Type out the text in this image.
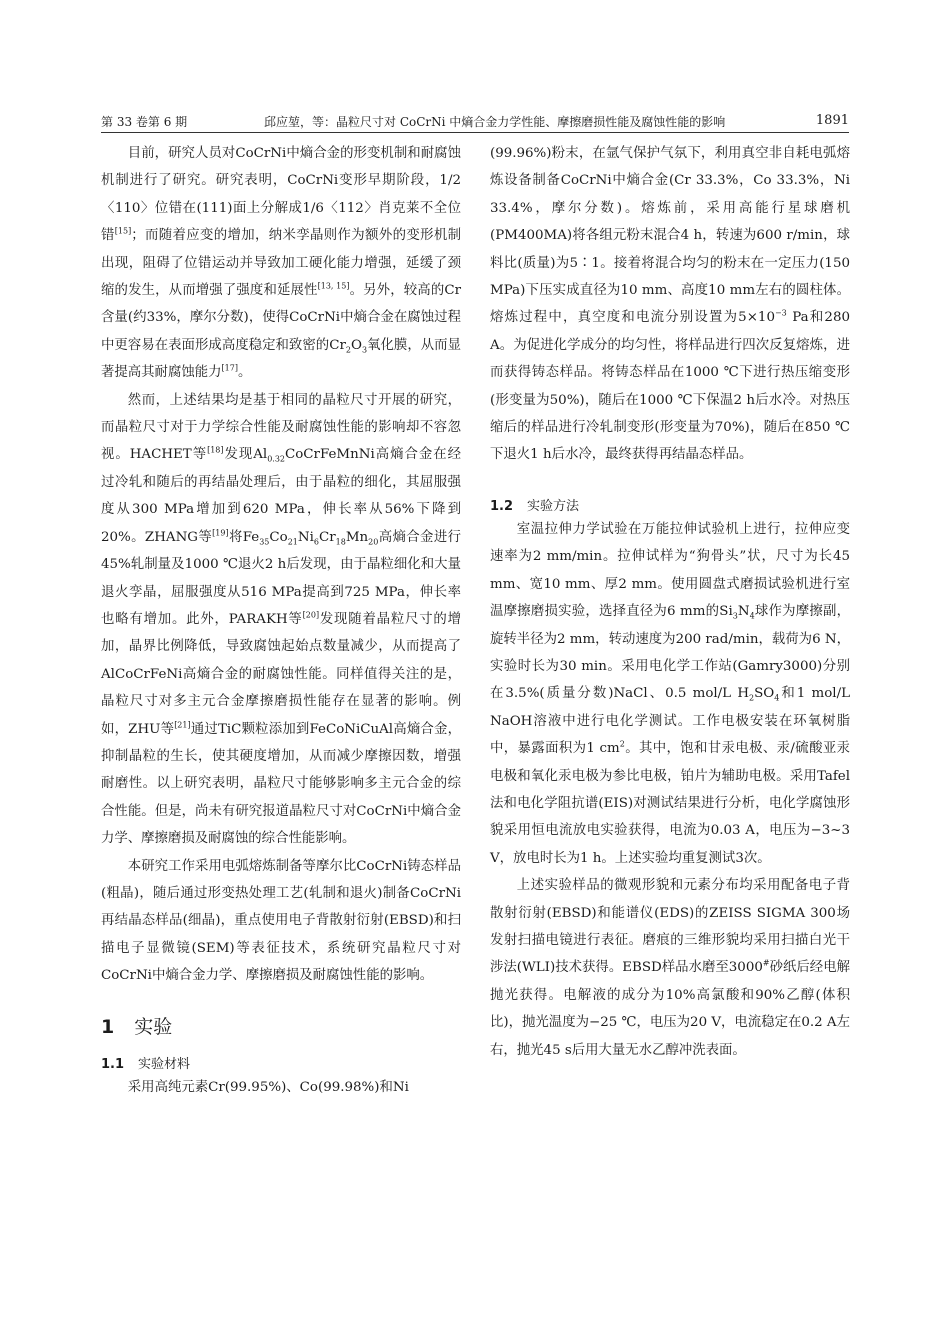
第 33 卷第 6 期	邱应堃，等：晶粒尺寸对 CoCrNi 中熵合金力学性能、摩擦磨损性能及腐蚀性能的影响	1891

目前，研究人员对CoCrNi中熵合金的形变机制和耐腐蚀机制进行了研究。研究表明，CoCrNi变形早期阶段，1/2〈110〉位错在(111)面上分解成1/6〈112〉肖克莱不全位错[15]；而随着应变的增加，纳米孪晶则作为额外的变形机制出现，阻碍了位错运动并导致加工硬化能力增强，延缓了颈缩的发生，从而增强了强度和延展性[13, 15]。另外，较高的Cr含量(约33%，摩尔分数)，使得CoCrNi中熵合金在腐蚀过程中更容易在表面形成高度稳定和致密的$Cr_2O_3$氧化膜，从而显著提高其耐腐蚀能力[17]。

然而，上述结果均是基于相同的晶粒尺寸开展的研究，而晶粒尺寸对于力学综合性能及耐腐蚀性能的影响却不容忽视。HACHET等[18]发现$Al_{0.32}CoCrFeMnNi$高熵合金在经过冷轧和随后的再结晶处理后，由于晶粒的细化，其屈服强度从300 MPa增加到620 MPa，伸长率从56%下降到20%。ZHANG等[19]将$Fe_{35}Co_{21}Ni_6Cr_{18}Mn_{20}$高熵合金进行45%轧制量及1000 ℃退火2 h后发现，由于晶粒细化和大量退火孪晶，屈服强度从516 MPa提高到725 MPa，伸长率也略有增加。此外，PARAKH等[20]发现随着晶粒尺寸的增加，晶界比例降低，导致腐蚀起始点数量减少，从而提高了AlCoCrFeNi高熵合金的耐腐蚀性能。同样值得关注的是，晶粒尺寸对多主元合金摩擦磨损性能存在显著的影响。例如，ZHU等[21]通过TiC颗粒添加到FeCoNiCuAl高熵合金，抑制晶粒的生长，使其硬度增加，从而减少摩擦因数，增强耐磨性。以上研究表明，晶粒尺寸能够影响多主元合金的综合性能。但是，尚未有研究报道晶粒尺寸对CoCrNi中熵合金力学、摩擦磨损及耐腐蚀的综合性能影响。

本研究工作采用电弧熔炼制备等摩尔比CoCrNi铸态样品(粗晶)，随后通过形变热处理工艺(轧制和退火)制备CoCrNi再结晶态样品(细晶)，重点使用电子背散射衍射(EBSD)和扫描电子显微镜(SEM)等表征技术，系统研究晶粒尺寸对CoCrNi中熵合金力学、摩擦磨损及耐腐蚀性能的影响。

1 实验
1.1 实验材料

采用高纯元素Cr(99.95%)、Co(99.98%)和Ni

(99.96%)粉末，在氩气保护气氛下，利用真空非自耗电弧熔炼设备制备CoCrNi中熵合金(Cr 33.3%，Co 33.3%，Ni 33.4%，摩尔分数)。熔炼前，采用高能行星球磨机(PM400MA)将各组元粉末混合4 h，转速为600 r/min，球料比(质量)为5∶1。接着将混合均匀的粉末在一定压力(150 MPa)下压实成直径为10 mm、高度10 mm左右的圆柱体。熔炼过程中，真空度和电流分别设置为$5\times 10^{-3}$ Pa和280 A。为促进化学成分的均匀性，将样品进行四次反复熔炼，进而获得铸态样品。将铸态样品在1000 ℃下进行热压缩变形(形变量为50%)，随后在1000 ℃下保温2 h后水冷。对热压缩后的样品进行冷轧制变形(形变量为70%)，随后在850 ℃下退火1 h后水冷，最终获得再结晶态样品。

1.2 实验方法

室温拉伸力学试验在万能拉伸试验机上进行，拉伸应变速率为2 mm/min。拉伸试样为“狗骨头”状，尺寸为长45 mm、宽10 mm、厚2 mm。使用圆盘式磨损试验机进行室温摩擦磨损实验，选择直径为6 mm的$Si_3N_4$球作为摩擦副，旋转半径为2 mm，转动速度为200 rad/min，载荷为6 N，实验时长为30 min。采用电化学工作站(Gamry3000)分别在3.5%(质量分数)NaCl、0.5 mol/L $H_2SO_4$和1 mol/L NaOH溶液中进行电化学测试。工作电极安装在环氧树脂中，暴露面积为1 $cm^2$。其中，饱和甘汞电极、汞/硫酸亚汞电极和氧化汞电极为参比电极，铂片为辅助电极。采用Tafel法和电化学阻抗谱(EIS)对测试结果进行分析，电化学腐蚀形貌采用恒电流放电实验获得，电流为0.03 A，电压为−3~3 V，放电时长为1 h。上述实验均重复测试3次。

上述实验样品的微观形貌和元素分布均采用配备电子背散射衍射(EBSD)和能谱仪(EDS)的ZEISS SIGMA 300场发射扫描电镜进行表征。磨痕的三维形貌均采用扫描白光干涉法(WLI)技术获得。EBSD样品水磨至3000#砂纸后经电解抛光获得。电解液的成分为10%高氯酸和90%乙醇(体积比)，抛光温度为−25 ℃，电压为20 V，电流稳定在0.2 A左右，抛光45 s后用大量无水乙醇冲洗表面。
